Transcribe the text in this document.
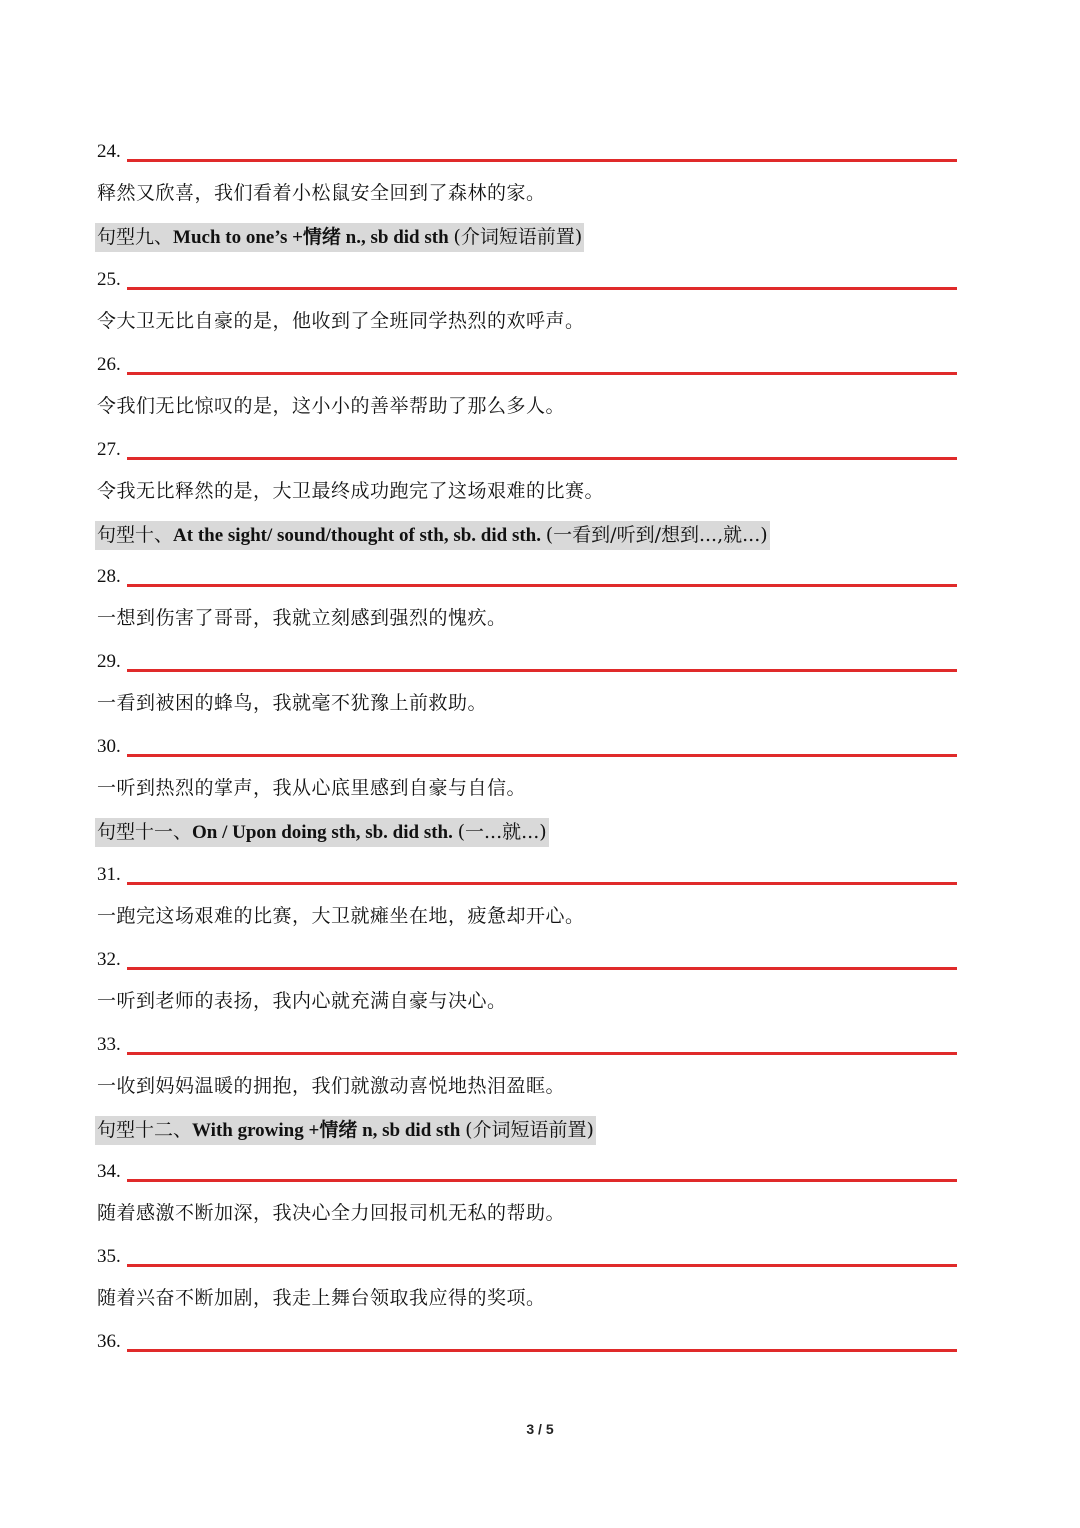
24.
释然又欣喜，我们看着小松鼠安全回到了森林的家。
句型九、Much to one’s +情绪 n., sb did sth (介词短语前置)
25.
令大卫无比自豪的是，他收到了全班同学热烈的欢呼声。
26.
令我们无比惊叹的是，这小小的善举帮助了那么多人。
27.
令我无比释然的是，大卫最终成功跑完了这场艰难的比赛。
句型十、At the sight/ sound/thought of sth, sb. did sth. (一看到/听到/想到...,就...)
28.
一想到伤害了哥哥，我就立刻感到强烈的愧疚。
29.
一看到被困的蜂鸟，我就毫不犹豫上前救助。
30.
一听到热烈的掌声，我从心底里感到自豪与自信。
句型十一、On / Upon doing sth, sb. did sth. (一...就...)
31.
一跑完这场艰难的比赛，大卫就瘫坐在地，疲惫却开心。
32.
一听到老师的表扬，我内心就充满自豪与决心。
33.
一收到妈妈温暖的拥抱，我们就激动喜悦地热泪盈眶。
句型十二、With growing +情绪 n, sb did sth (介词短语前置)
34.
随着感激不断加深，我决心全力回报司机无私的帮助。
35.
随着兴奋不断加剧，我走上舞台领取我应得的奖项。
36.
3 / 5
